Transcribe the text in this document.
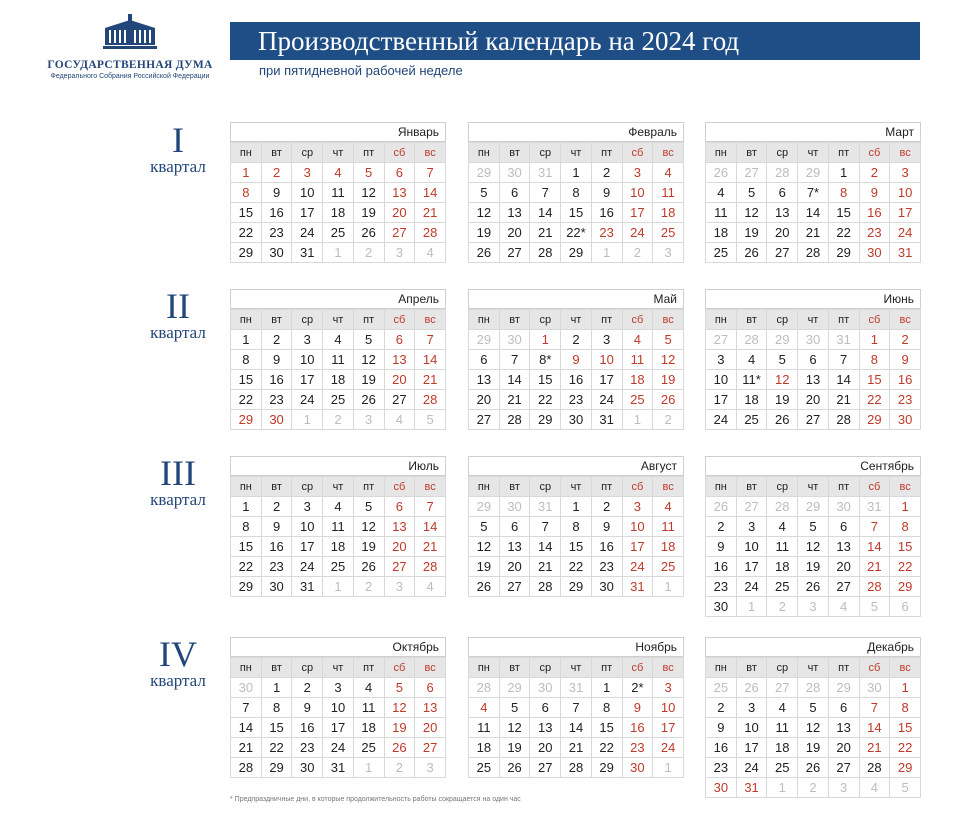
ГОСУДАРСТВЕННАЯ ДУМА
Федерального Собрания Российской Федерации
Производственный календарь на 2024 год
при пятидневной рабочей неделе
I
квартал
II
квартал
III
квартал
IV
квартал
Январь
пн	вт	ср	чт	пт	сб	вс
1	2	3	4	5	6	7
8	9	10	11	12	13	14
15	16	17	18	19	20	21
22	23	24	25	26	27	28
29	30	31	1	2	3	4
Февраль
пн	вт	ср	чт	пт	сб	вс
29	30	31	1	2	3	4
5	6	7	8	9	10	11
12	13	14	15	16	17	18
19	20	21	22*	23	24	25
26	27	28	29	1	2	3
Март
пн	вт	ср	чт	пт	сб	вс
26	27	28	29	1	2	3
4	5	6	7*	8	9	10
11	12	13	14	15	16	17
18	19	20	21	22	23	24
25	26	27	28	29	30	31
Апрель
пн	вт	ср	чт	пт	сб	вс
1	2	3	4	5	6	7
8	9	10	11	12	13	14
15	16	17	18	19	20	21
22	23	24	25	26	27	28
29	30	1	2	3	4	5
Май
пн	вт	ср	чт	пт	сб	вс
29	30	1	2	3	4	5
6	7	8*	9	10	11	12
13	14	15	16	17	18	19
20	21	22	23	24	25	26
27	28	29	30	31	1	2
Июнь
пн	вт	ср	чт	пт	сб	вс
27	28	29	30	31	1	2
3	4	5	6	7	8	9
10	11*	12	13	14	15	16
17	18	19	20	21	22	23
24	25	26	27	28	29	30
Июль
пн	вт	ср	чт	пт	сб	вс
1	2	3	4	5	6	7
8	9	10	11	12	13	14
15	16	17	18	19	20	21
22	23	24	25	26	27	28
29	30	31	1	2	3	4
Август
пн	вт	ср	чт	пт	сб	вс
29	30	31	1	2	3	4
5	6	7	8	9	10	11
12	13	14	15	16	17	18
19	20	21	22	23	24	25
26	27	28	29	30	31	1
Сентябрь
пн	вт	ср	чт	пт	сб	вс
26	27	28	29	30	31	1
2	3	4	5	6	7	8
9	10	11	12	13	14	15
16	17	18	19	20	21	22
23	24	25	26	27	28	29
30	1	2	3	4	5	6
Октябрь
пн	вт	ср	чт	пт	сб	вс
30	1	2	3	4	5	6
7	8	9	10	11	12	13
14	15	16	17	18	19	20
21	22	23	24	25	26	27
28	29	30	31	1	2	3
Ноябрь
пн	вт	ср	чт	пт	сб	вс
28	29	30	31	1	2*	3
4	5	6	7	8	9	10
11	12	13	14	15	16	17
18	19	20	21	22	23	24
25	26	27	28	29	30	1
Декабрь
пн	вт	ср	чт	пт	сб	вс
25	26	27	28	29	30	1
2	3	4	5	6	7	8
9	10	11	12	13	14	15
16	17	18	19	20	21	22
23	24	25	26	27	28	29
30	31	1	2	3	4	5
* Предпраздничные дни, в которые продолжительность работы сокращается на один час
